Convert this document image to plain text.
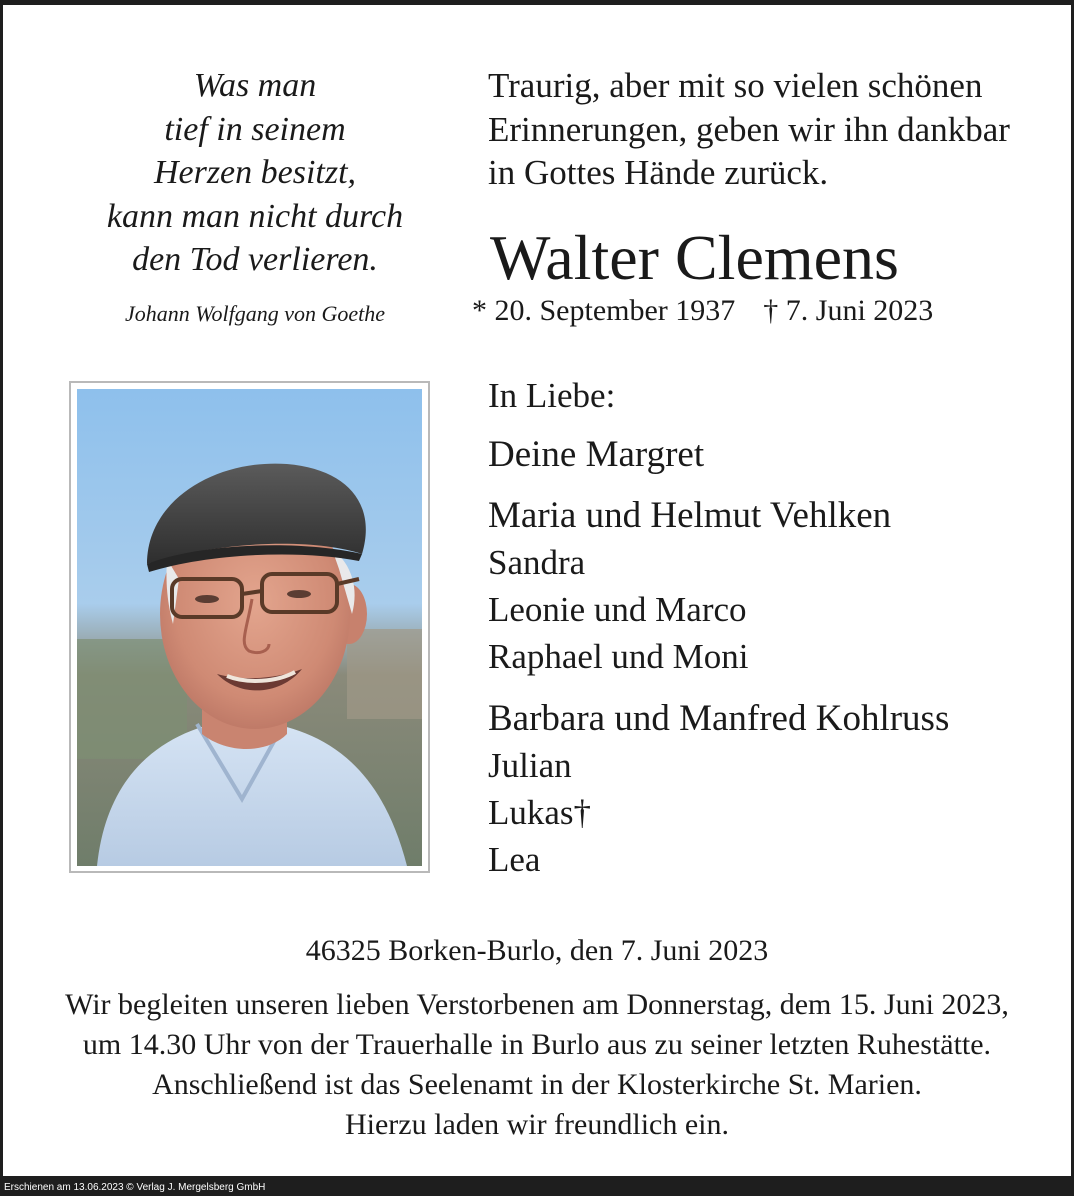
Was man
tief in seinem
Herzen besitzt,
kann man nicht durch
den Tod verlieren.
Johann Wolfgang von Goethe
Traurig, aber mit so vielen schönen
Erinnerungen, geben wir ihn dankbar
in Gottes Hände zurück.
Walter Clemens
* 20. September 1937 † 7. Juni 2023
In Liebe:
Deine Margret
Maria und Helmut Vehlken
Sandra
Leonie und Marco
Raphael und Moni
Barbara und Manfred Kohlruss
Julian
Lukas†
Lea
46325 Borken-Burlo, den 7. Juni 2023
Wir begleiten unseren lieben Verstorbenen am Donnerstag, dem 15. Juni 2023,
um 14.30 Uhr von der Trauerhalle in Burlo aus zu seiner letzten Ruhestätte.
Anschließend ist das Seelenamt in der Klosterkirche St. Marien.
Hierzu laden wir freundlich ein.
Erschienen am 13.06.2023 © Verlag J. Mergelsberg GmbH
